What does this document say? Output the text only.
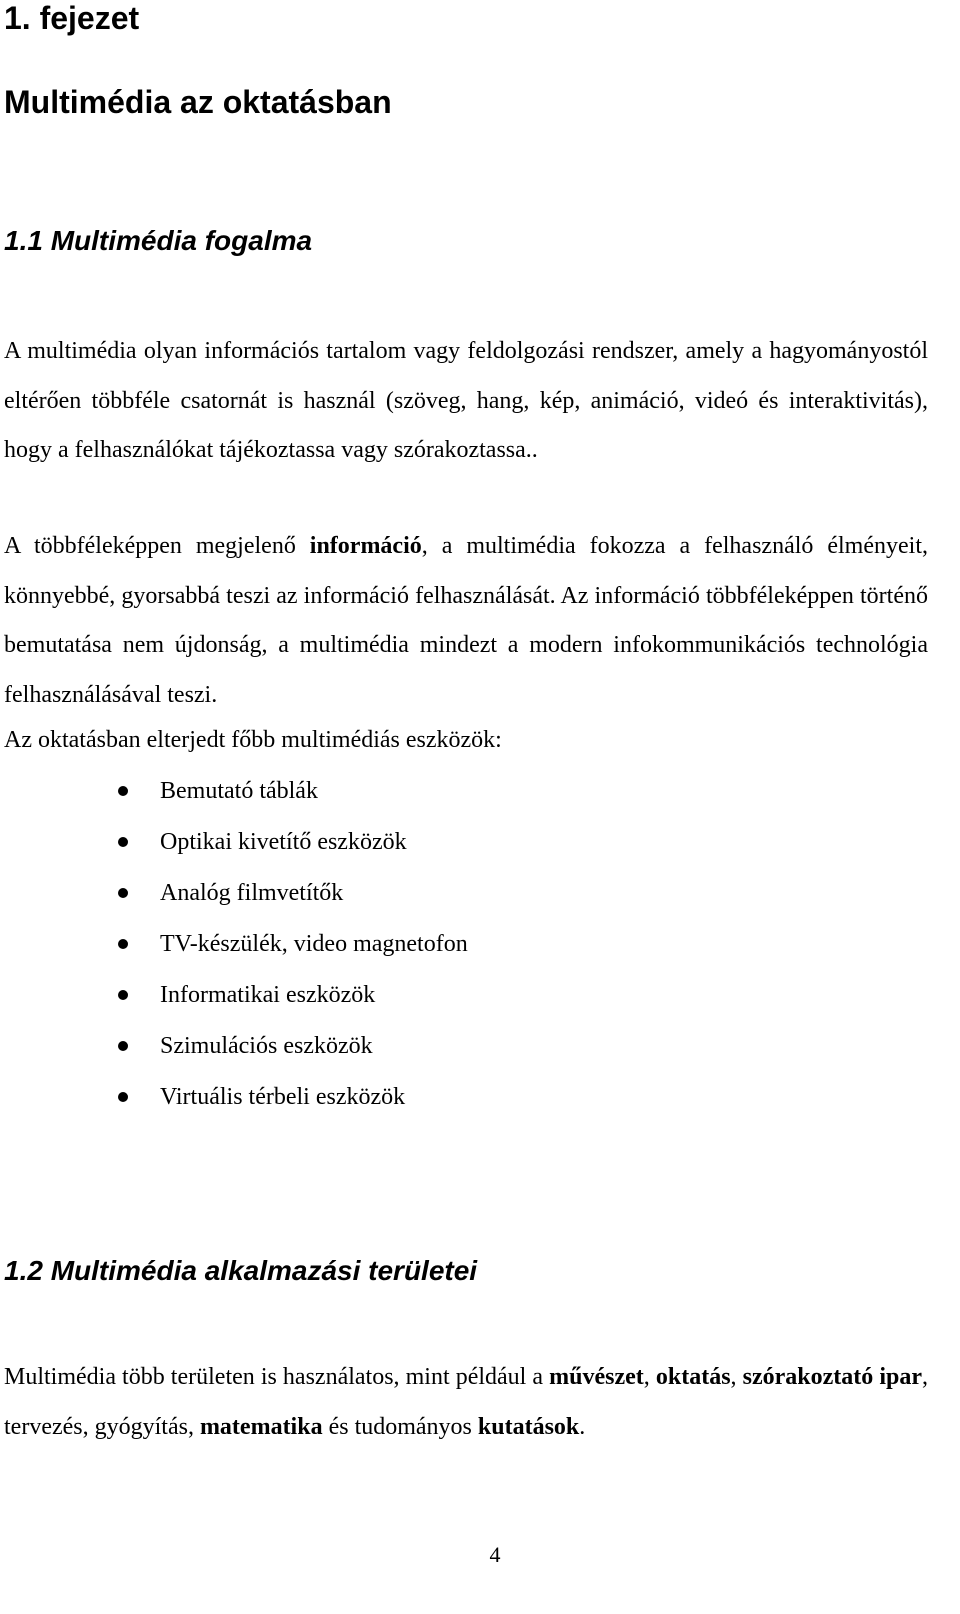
1. fejezet
Multimédia az oktatásban
1.1 Multimédia fogalma

A multimédia olyan információs tartalom vagy feldolgozási rendszer, amely a hagyományostól eltérően többféle csatornát is használ (szöveg, hang, kép, animáció, videó és interaktivitás), hogy a felhasználókat tájékoztassa vagy szórakoztassa..

A többféleképpen megjelenő információ, a multimédia fokozza a felhasználó élményeit, könnyebbé, gyorsabbá teszi az információ felhasználását. Az információ többféleképpen történő bemutatása nem újdonság, a multimédia mindezt a modern infokommunikációs technológia felhasználásával teszi.

Az oktatásban elterjedt főbb multimédiás eszközök:

Bemutató táblák
Optikai kivetítő eszközök
Analóg filmvetítők
TV-készülék, video magnetofon
Informatikai eszközök
Szimulációs eszközök
Virtuális térbeli eszközök
1.2 Multimédia alkalmazási területei

Multimédia több területen is használatos, mint például a művészet, oktatás, szórakoztató ipar, tervezés, gyógyítás, matematika és tudományos kutatások.

4
